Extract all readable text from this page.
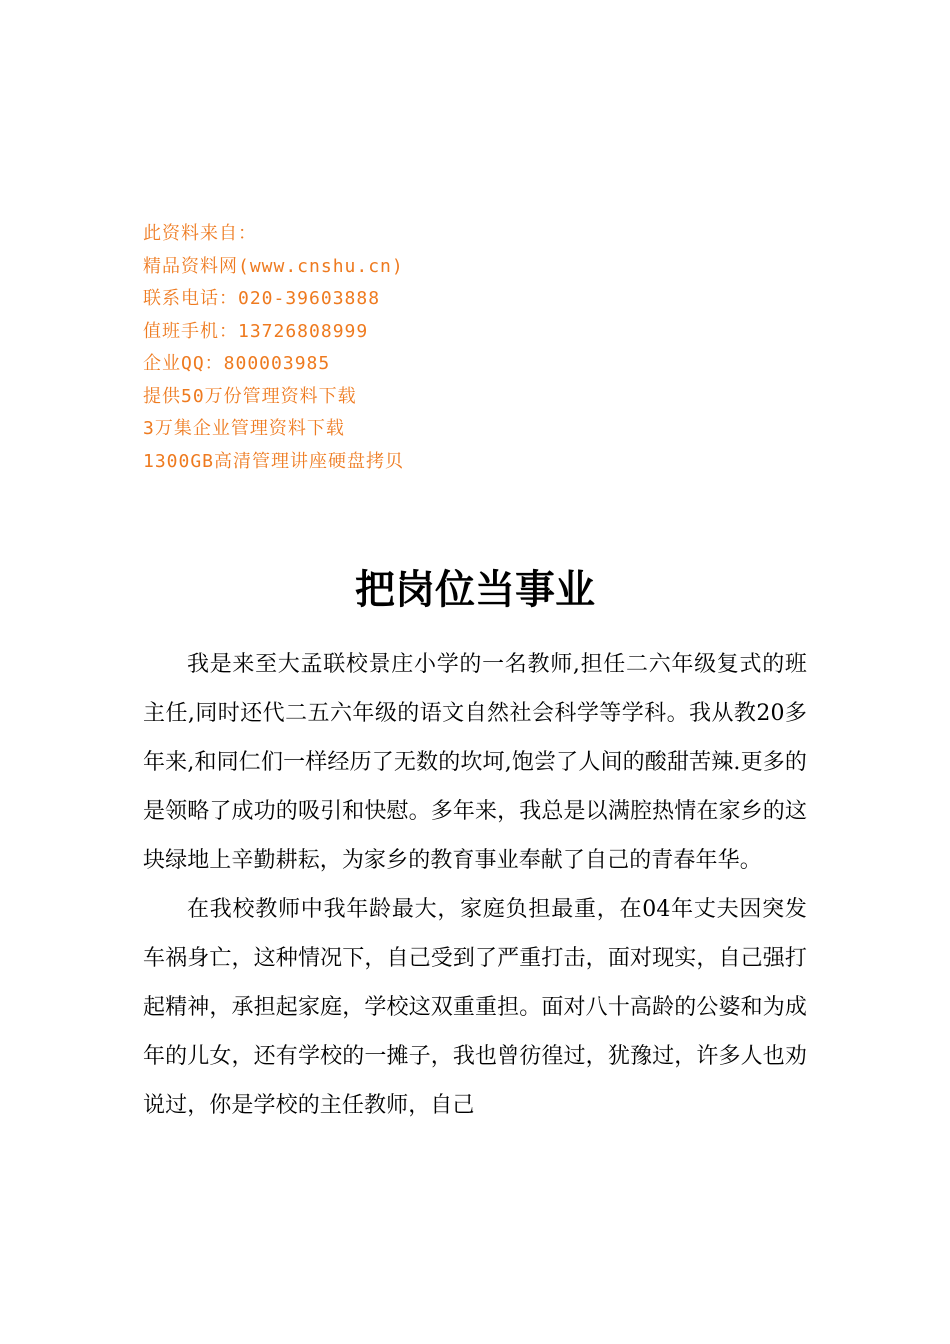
此资料来自：
精品资料网(www.cnshu.cn)
联系电话：020-39603888
值班手机：13726808999
企业QQ：800003985
提供50万份管理资料下载
3万集企业管理资料下载
1300GB高清管理讲座硬盘拷贝
把岗位当事业

我是来至大孟联校景庄小学的一名教师,担任二六年级复式的班主任,同时还代二五六年级的语文自然社会科学等学科。我从教20多年来,和同仁们一样经历了无数的坎坷,饱尝了人间的酸甜苦辣.更多的是领略了成功的吸引和快慰。多年来，我总是以满腔热情在家乡的这块绿地上辛勤耕耘，为家乡的教育事业奉献了自己的青春年华。

在我校教师中我年龄最大，家庭负担最重，在04年丈夫因突发车祸身亡，这种情况下，自己受到了严重打击，面对现实，自己强打起精神，承担起家庭，学校这双重重担。面对八十高龄的公婆和为成年的儿女，还有学校的一摊子，我也曾彷徨过，犹豫过，许多人也劝说过，你是学校的主任教师，自己
